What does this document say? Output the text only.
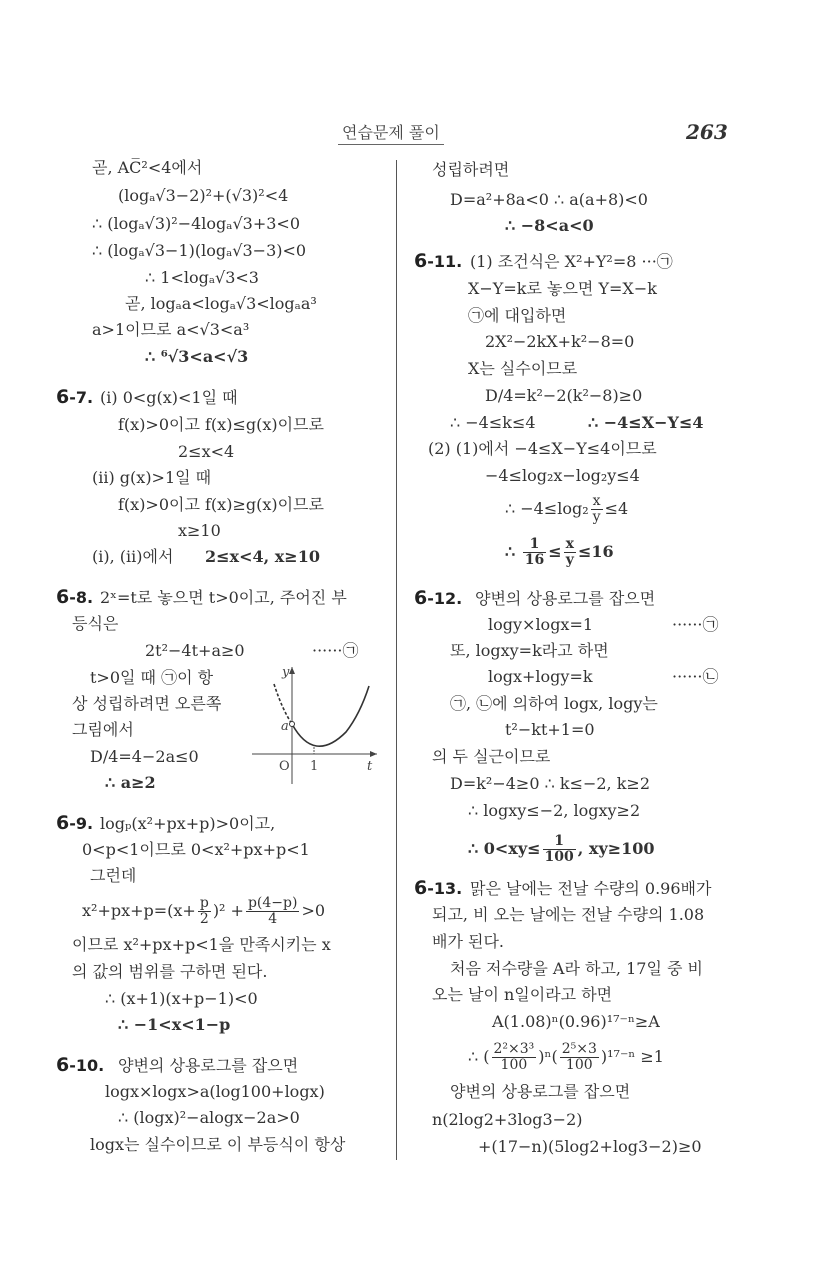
연습문제 풀이	263
곧, AC̅²<4에서
(logₐ√3−2)²+(√3)²<4
∴ (logₐ√3)²−4logₐ√3+3<0
∴ (logₐ√3−1)(logₐ√3−3)<0
∴ 1<logₐ√3<3
곧, logₐa<logₐ√3<logₐa³
a>1이므로 a<√3<a³
∴ ⁶√3<a<√3
6-7. (i) 0<g(x)<1일 때
f(x)>0이고 f(x)≤g(x)이므로
2≤x<4
(ii) g(x)>1일 때
f(x)>0이고 f(x)≥g(x)이므로
x≥10
(i), (ii)에서 2≤x<4, x≥10
6-8. 2ˣ=t로 놓으면 t>0이고, 주어진 부
등식은
2t²−4t+a≥0	······㉠
t>0일 때 ㉠이 항
상 성립하려면 오른쪽
그림에서
D/4=4−2a≤0
∴ a≥2
y
a
O 1	t
6-9. logₚ(x²+px+p)>0이고,
0<p<1이므로 0<x²+px+p<1
그런데
$x^2+px+p=(x+ \frac{p}{2} )^2 + \frac{p(4-p)}{4} >0$
이므로 x²+px+p<1을 만족시키는 x
의 값의 범위를 구하면 된다.
∴ (x+1)(x+p−1)<0
∴ −1<x<1−p
6-10. 양변의 상용로그를 잡으면
logx×logx>a(log100+logx)
∴ (logx)²−alogx−2a>0
logx는 실수이므로 이 부등식이 항상
성립하려면
D=a²+8a<0 ∴ a(a+8)<0
∴ −8<a<0
6-11. (1) 조건식은 X²+Y²=8 ···㉠
X−Y=k로 놓으면 Y=X−k
㉠에 대입하면
2X²−2kX+k²−8=0
X는 실수이므로
D/4=k²−2(k²−8)≥0
∴ −4≤k≤4	∴ −4≤X−Y≤4
(2) (1)에서 −4≤X−Y≤4이므로
−4≤log₂x−log₂y≤4
∴ $-4\le\log_2 \frac{x}{y} \le 4$
∴ $\frac{1}{16} \le \frac{x}{y} \le 16$
6-12. 양변의 상용로그를 잡으면
logy×logx=1	······㉠
또, logxy=k라고 하면
logx+logy=k	······㉡
㉠, ㉡에 의하여 logx, logy는
t²−kt+1=0
의 두 실근이므로
D=k²−4≥0 ∴ k≤−2, k≥2
∴ logxy≤−2, logxy≥2
∴ $0<xy\le \frac{1}{100}$ , xy≥100
6-13. 맑은 날에는 전날 수량의 0.96배가
되고, 비 오는 날에는 전날 수량의 1.08
배가 된다.
처음 저수량을 A라 하고, 17일 중 비
오는 날이 n일이라고 하면
A(1.08)ⁿ(0.96)¹⁷⁻ⁿ≥A
∴ ( $\frac{\text{2²×3³}}{100} )^n( \frac{\text{2⁵×3}}{100} )^{17-n} \ge 1$
양변의 상용로그를 잡으면
n(2log2+3log3−2)
+(17−n)(5log2+log3−2)≥0
